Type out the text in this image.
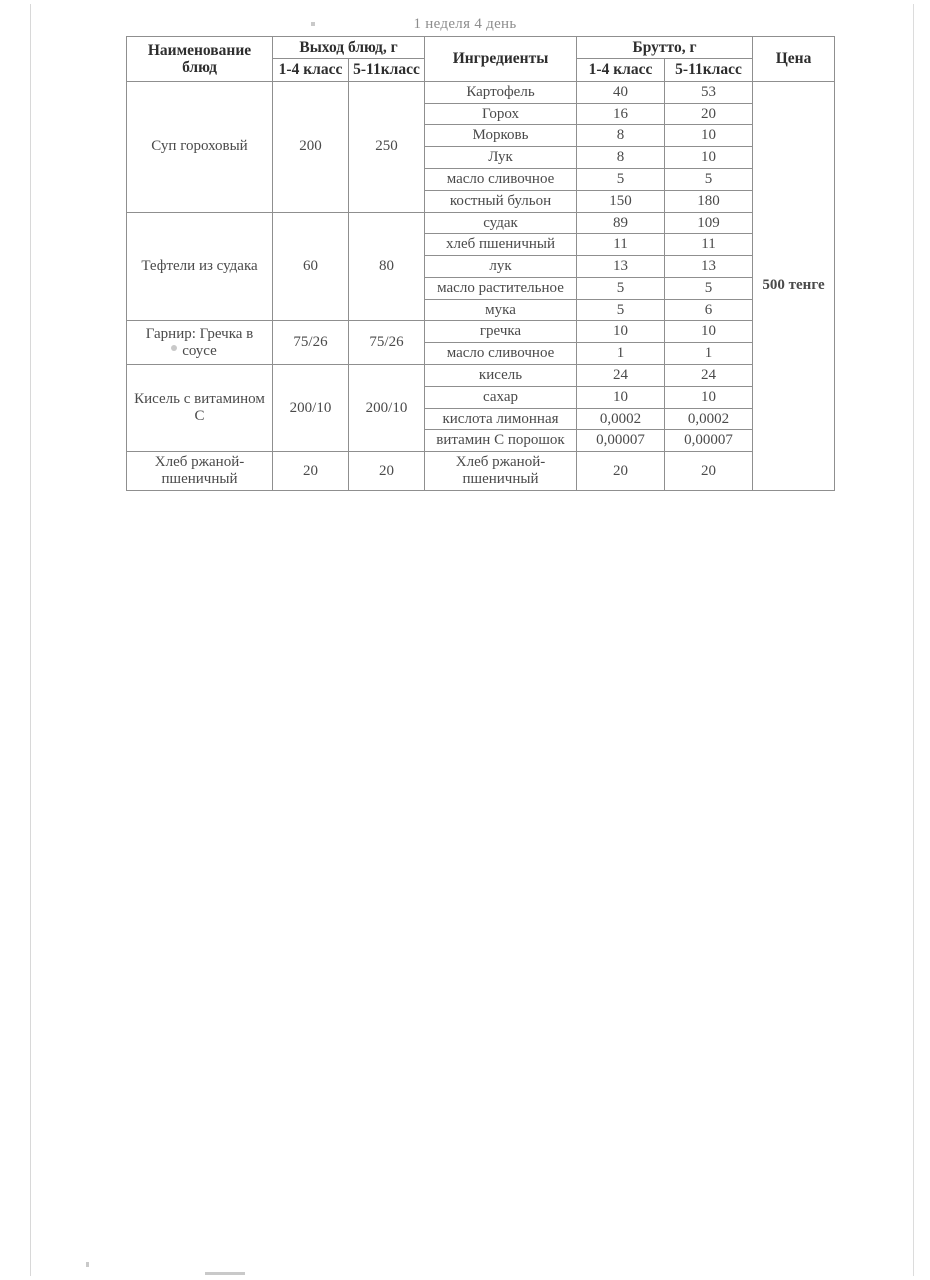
1 неделя 4 день
Наименование блюд	Выход блюд, г		Ингредиенты	Брутто, г		Цена
	1-4 класс	5-11класс		1-4 класс	5-11класс	
Суп гороховый	200	250	Картофель	40	53	500 тенге
			Горох	16	20	
			Морковь	8	10	
			Лук	8	10	
			масло сливочное	5	5	
			костный бульон	150	180	
Тефтели из судака	60	80	судак	89	109	
			хлеб пшеничный	11	11	
			лук	13	13	
			масло растительное	5	5	
			мука	5	6	
Гарнир: Гречка в соусе	75/26	75/26	гречка	10	10	
			масло сливочное	1	1	
Кисель с витамином С	200/10	200/10	кисель	24	24	
			сахар	10	10	
			кислота лимонная	0,0002	0,0002	
			витамин С порошок	0,00007	0,00007	
Хлеб ржаной-пшеничный	20	20	Хлеб ржаной-пшеничный	20	20	
